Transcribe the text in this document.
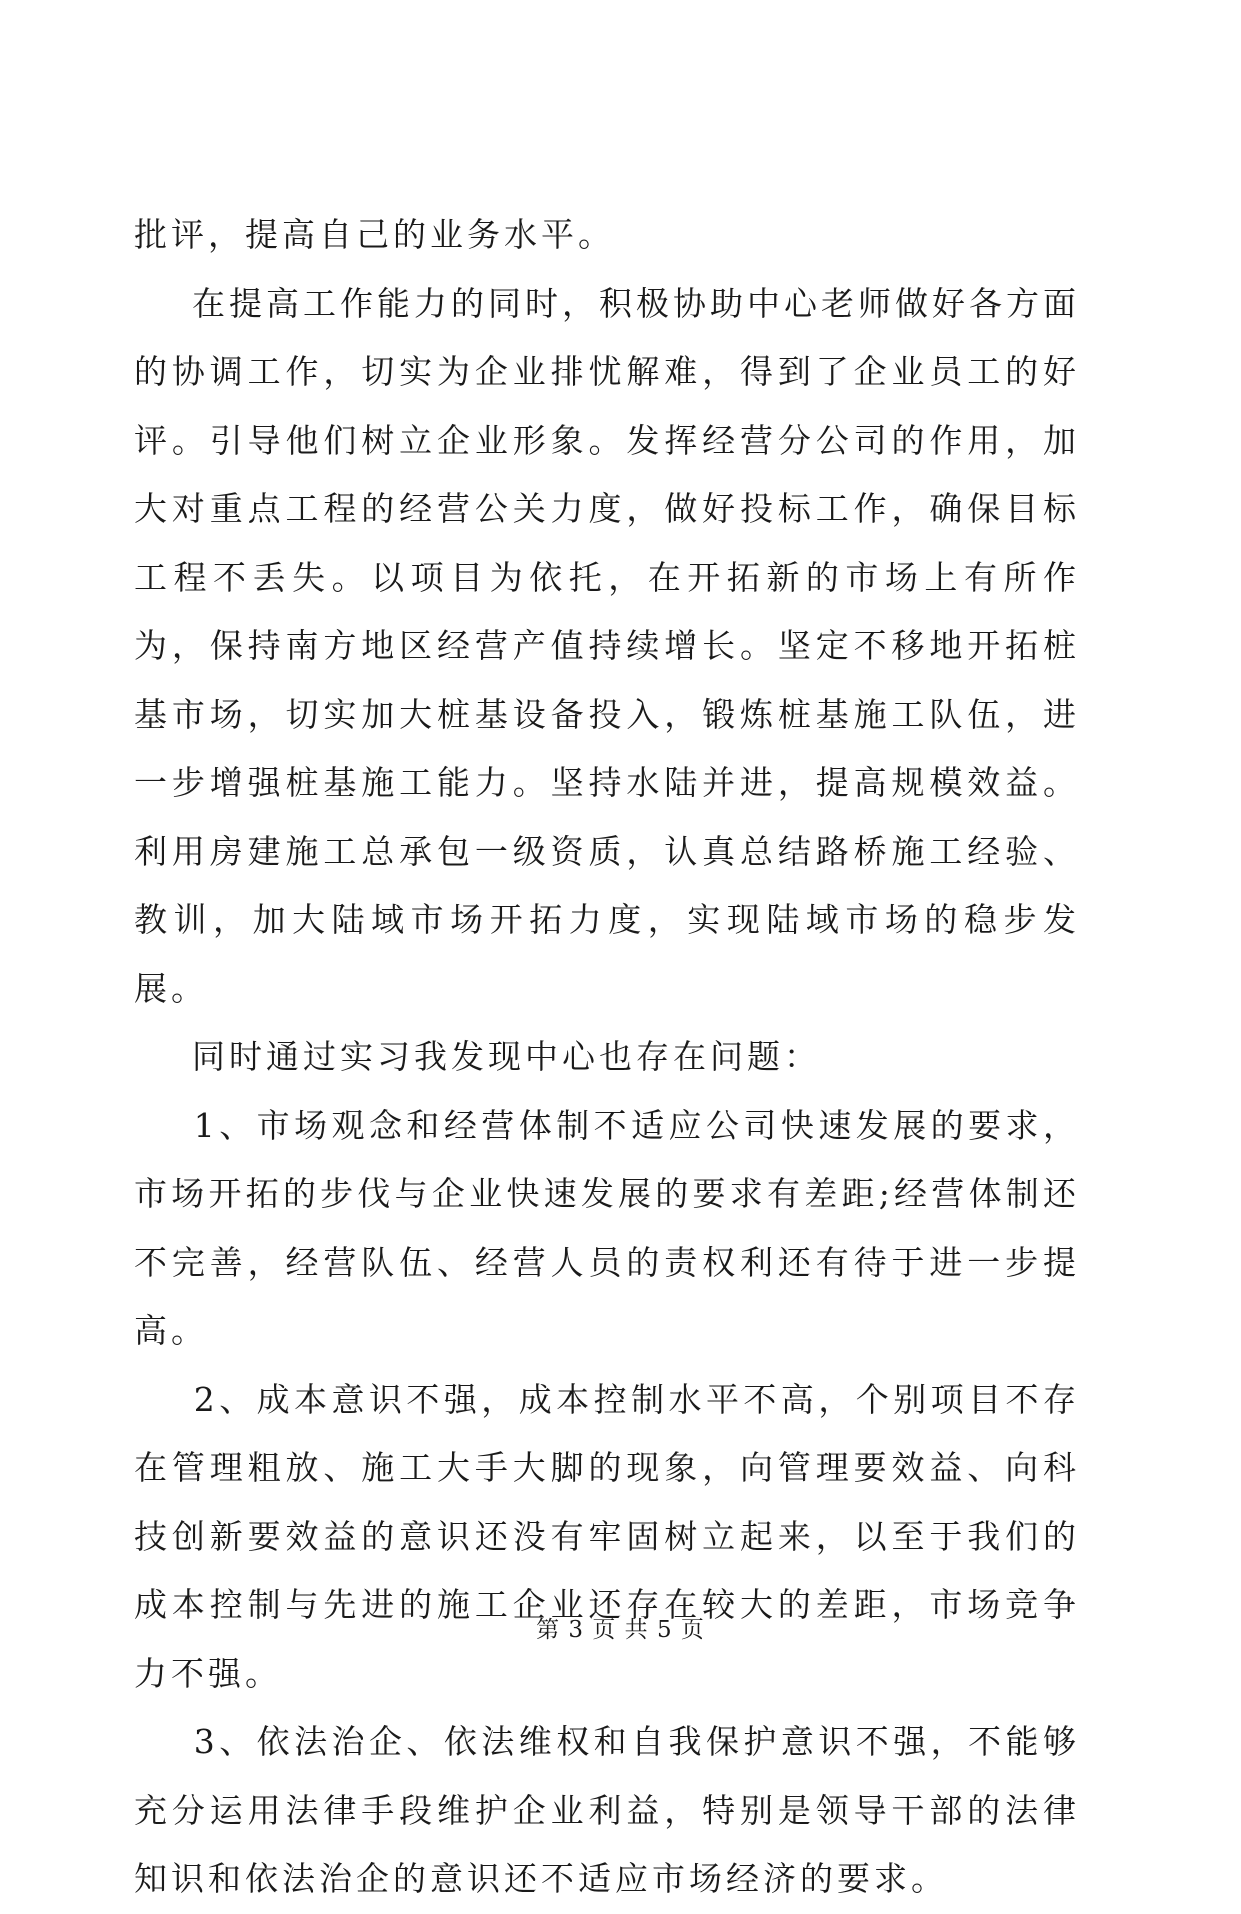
批评，提高自己的业务水平。

在提高工作能力的同时，积极协助中心老师做好各方面的协调工作，切实为企业排忧解难，得到了企业员工的好评。引导他们树立企业形象。发挥经营分公司的作用，加大对重点工程的经营公关力度，做好投标工作，确保目标工程不丢失。以项目为依托，在开拓新的市场上有所作为，保持南方地区经营产值持续增长。坚定不移地开拓桩基市场，切实加大桩基设备投入，锻炼桩基施工队伍，进一步增强桩基施工能力。坚持水陆并进，提高规模效益。利用房建施工总承包一级资质，认真总结路桥施工经验、教训，加大陆域市场开拓力度，实现陆域市场的稳步发展。

同时通过实习我发现中心也存在问题：

1、市场观念和经营体制不适应公司快速发展的要求，市场开拓的步伐与企业快速发展的要求有差距;经营体制还不完善，经营队伍、经营人员的责权利还有待于进一步提高。

2、成本意识不强，成本控制水平不高，个别项目不存在管理粗放、施工大手大脚的现象，向管理要效益、向科技创新要效益的意识还没有牢固树立起来，以至于我们的成本控制与先进的施工企业还存在较大的差距，市场竞争力不强。

3、依法治企、依法维权和自我保护意识不强，不能够充分运用法律手段维护企业利益，特别是领导干部的法律知识和依法治企的意识还不适应市场经济的要求。

第 3 页 共 5 页
